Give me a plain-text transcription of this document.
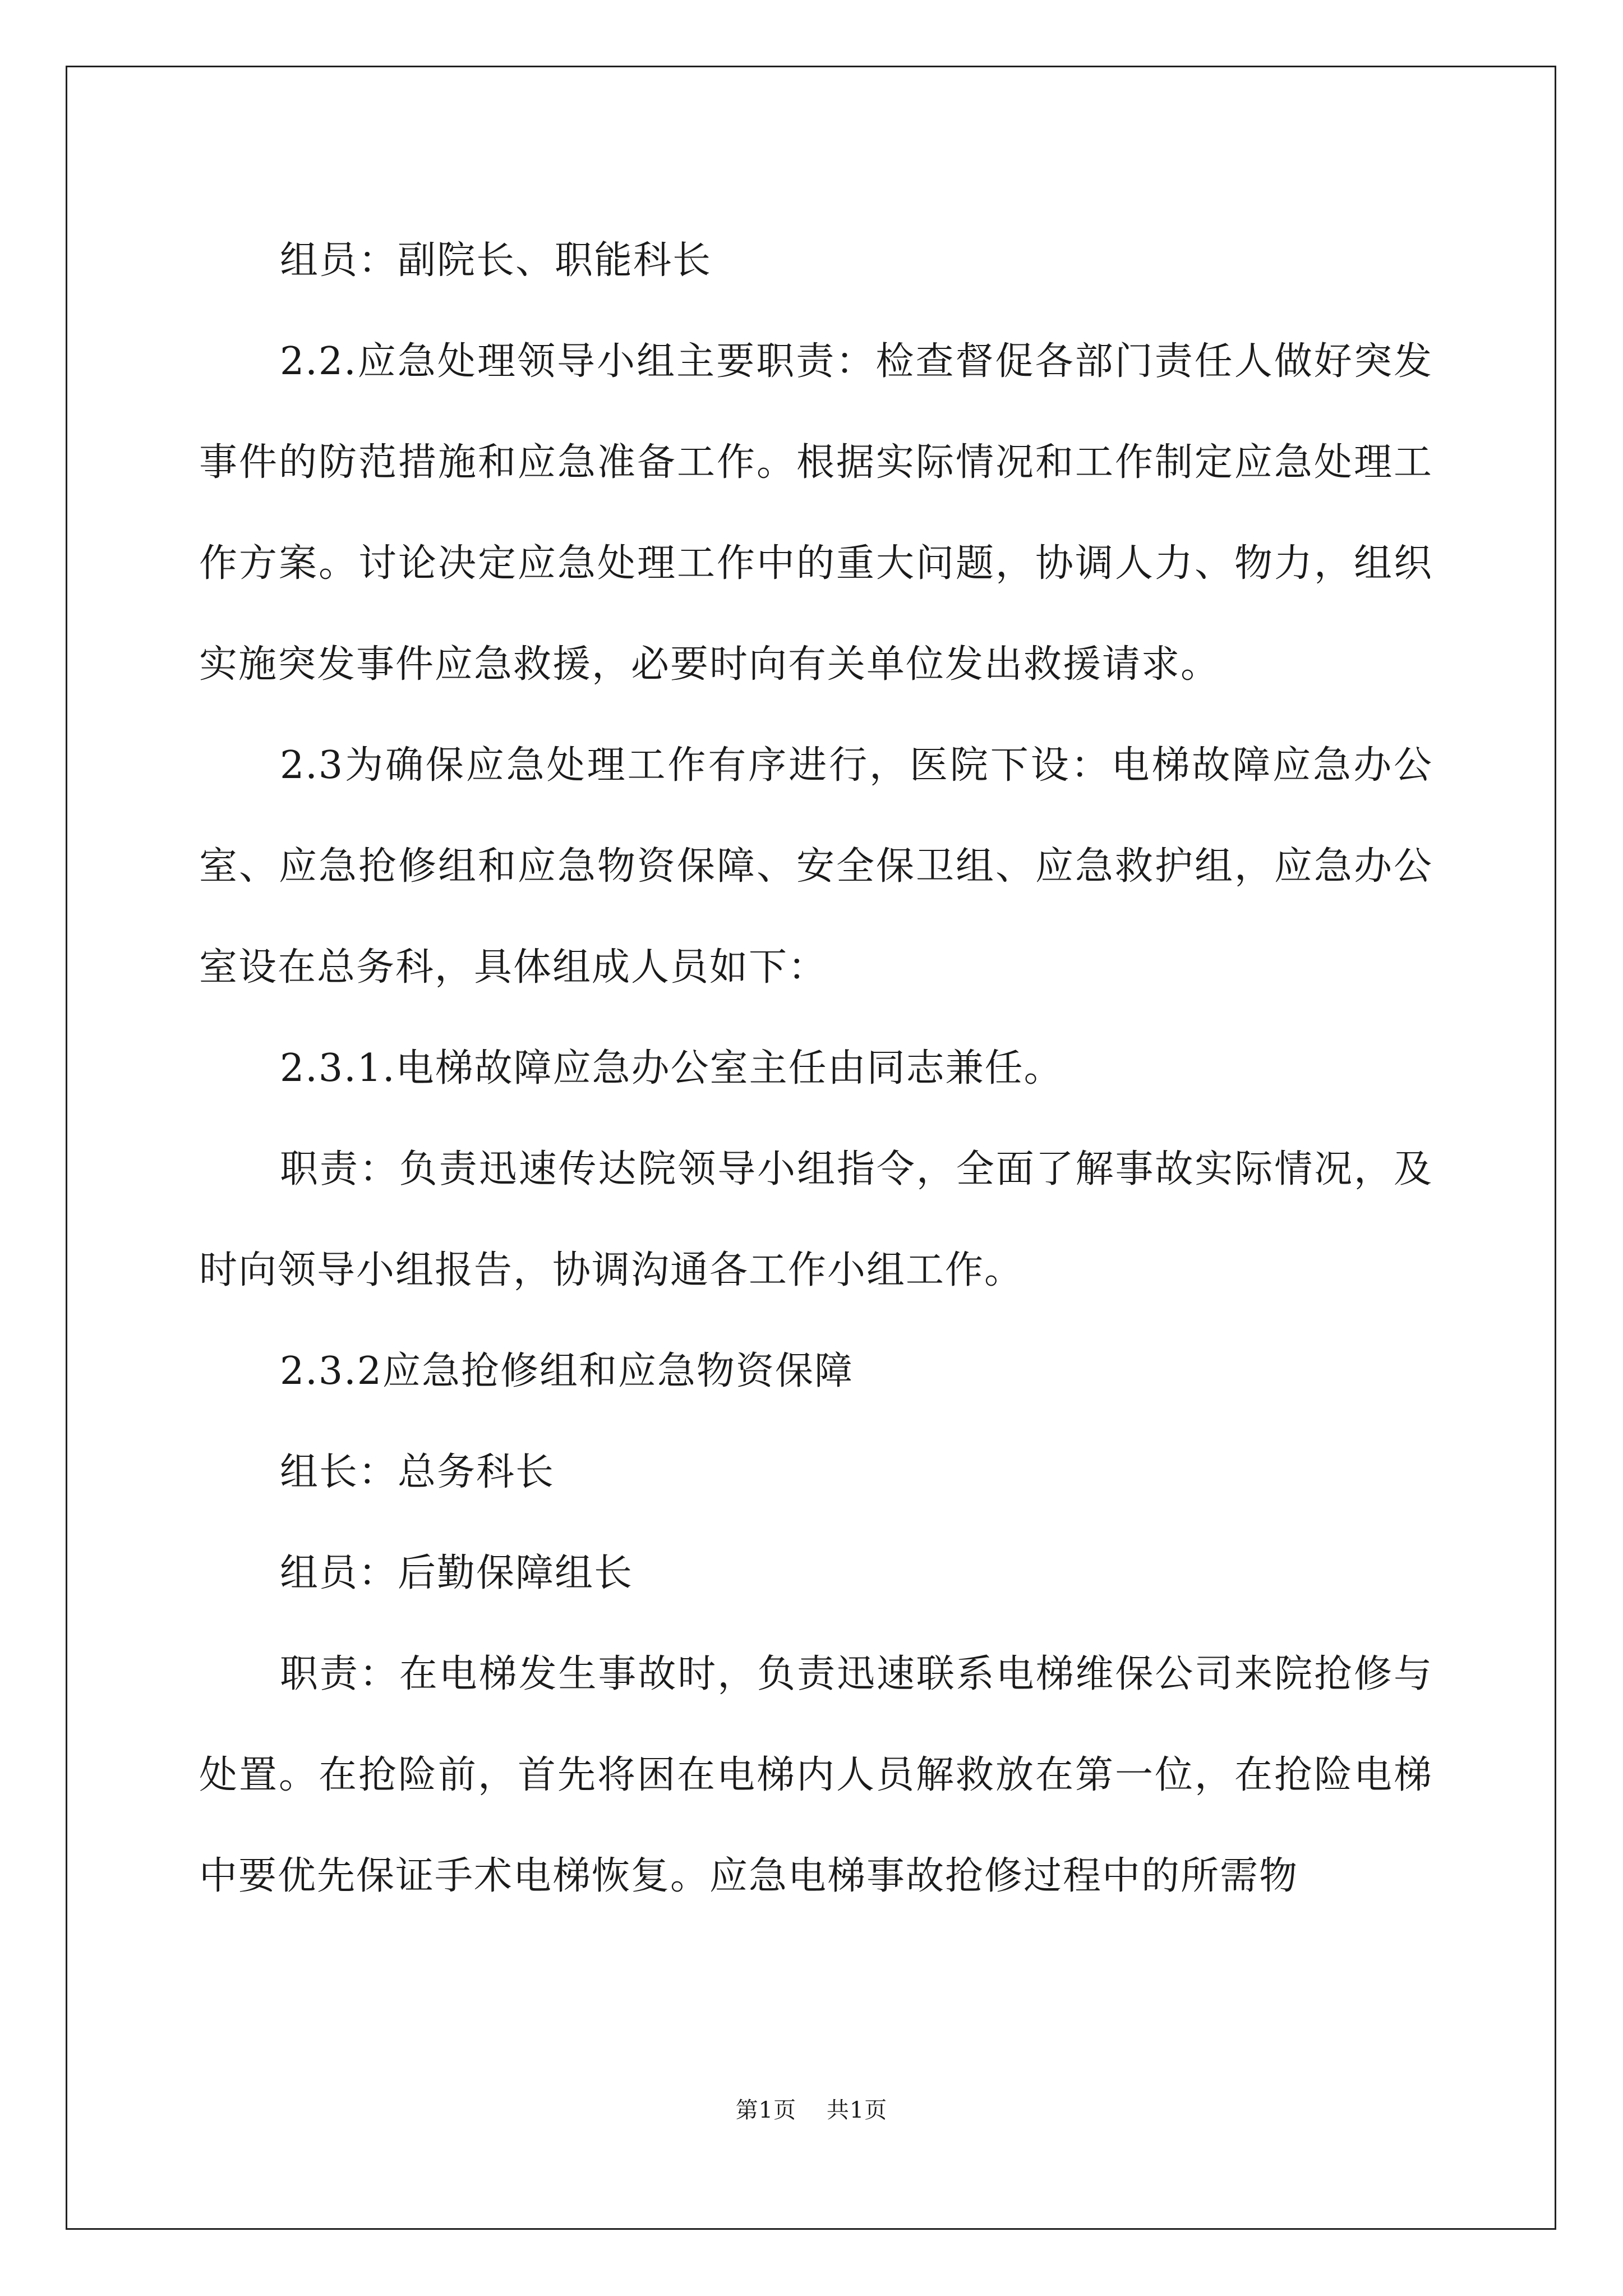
组员：副院长、职能科长

2.2.应急处理领导小组主要职责：检查督促各部门责任人做好突发事件的防范措施和应急准备工作。根据实际情况和工作制定应急处理工作方案。讨论决定应急处理工作中的重大问题，协调人力、物力，组织实施突发事件应急救援，必要时向有关单位发出救援请求。

2.3为确保应急处理工作有序进行，医院下设：电梯故障应急办公室、应急抢修组和应急物资保障、安全保卫组、应急救护组，应急办公室设在总务科，具体组成人员如下：

2.3.1.电梯故障应急办公室主任由同志兼任。

职责：负责迅速传达院领导小组指令，全面了解事故实际情况，及时向领导小组报告，协调沟通各工作小组工作。

2.3.2应急抢修组和应急物资保障

组长：总务科长

组员：后勤保障组长

职责：在电梯发生事故时，负责迅速联系电梯维保公司来院抢修与处置。在抢险前，首先将困在电梯内人员解救放在第一位，在抢险电梯中要优先保证手术电梯恢复。应急电梯事故抢修过程中的所需物

第1页 共1页
